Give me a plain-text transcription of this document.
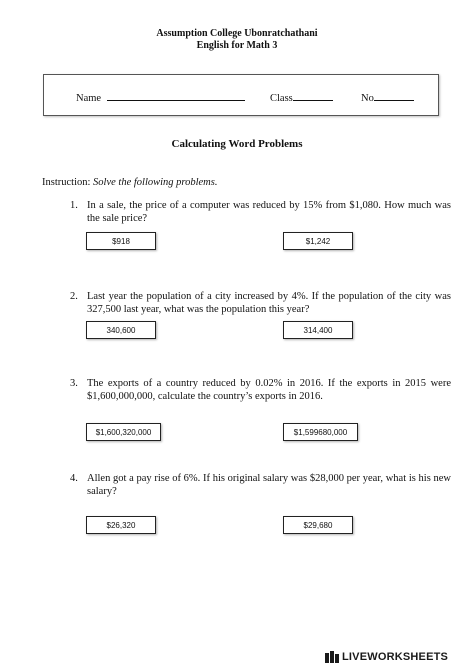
Assumption College Ubonratchathani
English for Math 3
Name	Class	No
Calculating Word Problems
Instruction: Solve the following problems.
1. In a sale, the price of a computer was reduced by 15% from $1,080. How much was the sale price?
$918	$1,242
2. Last year the population of a city increased by 4%. If the population of the city was 327,500 last year, what was the population this year?
340,600	314,400
3. The exports of a country reduced by 0.02% in 2016. If the exports in 2015 were $1,600,000,000, calculate the country’s exports in 2016.
$1,600,320,000	$1,599680,000
4. Allen got a pay rise of 6%. If his original salary was $28,000 per year, what is his new salary?
$26,320	$29,680
LIVEWORKSHEETS
